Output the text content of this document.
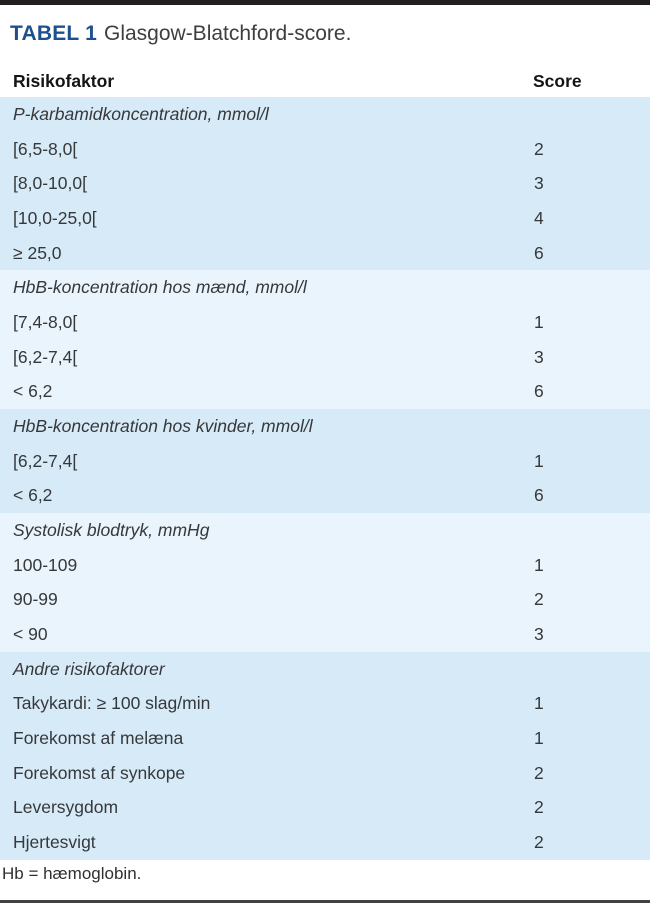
TABEL 1 Glasgow-Blatchford-score.
Risikofaktor	Score
P-karbamidkoncentration, mmol/l
[6,5-8,0[	2
[8,0-10,0[	3
[10,0-25,0[	4
≥ 25,0	6
HbB-koncentration hos mænd, mmol/l
[7,4-8,0[	1
[6,2-7,4[	3
< 6,2	6
HbB-koncentration hos kvinder, mmol/l
[6,2-7,4[	1
< 6,2	6
Systolisk blodtryk, mmHg
100-109	1
90-99	2
< 90	3
Andre risikofaktorer
Takykardi: ≥ 100 slag/min	1
Forekomst af melæna	1
Forekomst af synkope	2
Leversygdom	2
Hjertesvigt	2
Hb = hæmoglobin.
